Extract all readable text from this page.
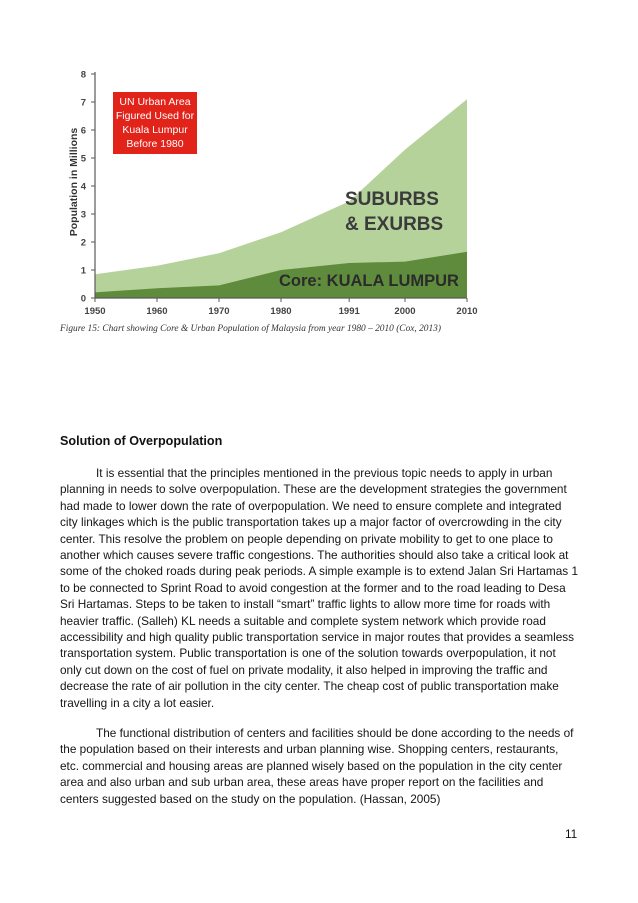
0
1
2
3
4
5
6
7
8
1950	1960	1970	1980	1991	2000	2010
Population in Millions
UN Urban Area
Figured Used for
Kuala Lumpur
Before 1980
SUBURBS
& EXURBS
Core: KUALA LUMPUR
Figure 15: Chart showing Core & Urban Population of Malaysia from year 1980 – 2010 (Cox, 2013)
Solution of Overpopulation

It is essential that the principles mentioned in the previous topic needs to apply in urban planning in needs to solve overpopulation. These are the development strategies the government had made to lower down the rate of overpopulation. We need to ensure complete and integrated city linkages which is the public transportation takes up a major factor of overcrowding in the city center. This resolve the problem on people depending on private mobility to get to one place to another which causes severe traffic congestions. The authorities should also take a critical look at some of the choked roads during peak periods. A simple example is to extend Jalan Sri Hartamas 1 to be connected to Sprint Road to avoid congestion at the former and to the road leading to Desa Sri Hartamas. Steps to be taken to install “smart” traffic lights to allow more time for roads with heavier traffic. (Salleh) KL needs a suitable and complete system network which provide road accessibility and high quality public transportation service in major routes that provides a seamless transportation system. Public transportation is one of the solution towards overpopulation, it not only cut down on the cost of fuel on private modality, it also helped in improving the traffic and decrease the rate of air pollution in the city center. The cheap cost of public transportation make travelling in a city a lot easier.

The functional distribution of centers and facilities should be done according to the needs of the population based on their interests and urban planning wise. Shopping centers, restaurants, etc. commercial and housing areas are planned wisely based on the population in the city center area and also urban and sub urban area, these areas have proper report on the facilities and centers suggested based on the study on the population. (Hassan, 2005)

11
